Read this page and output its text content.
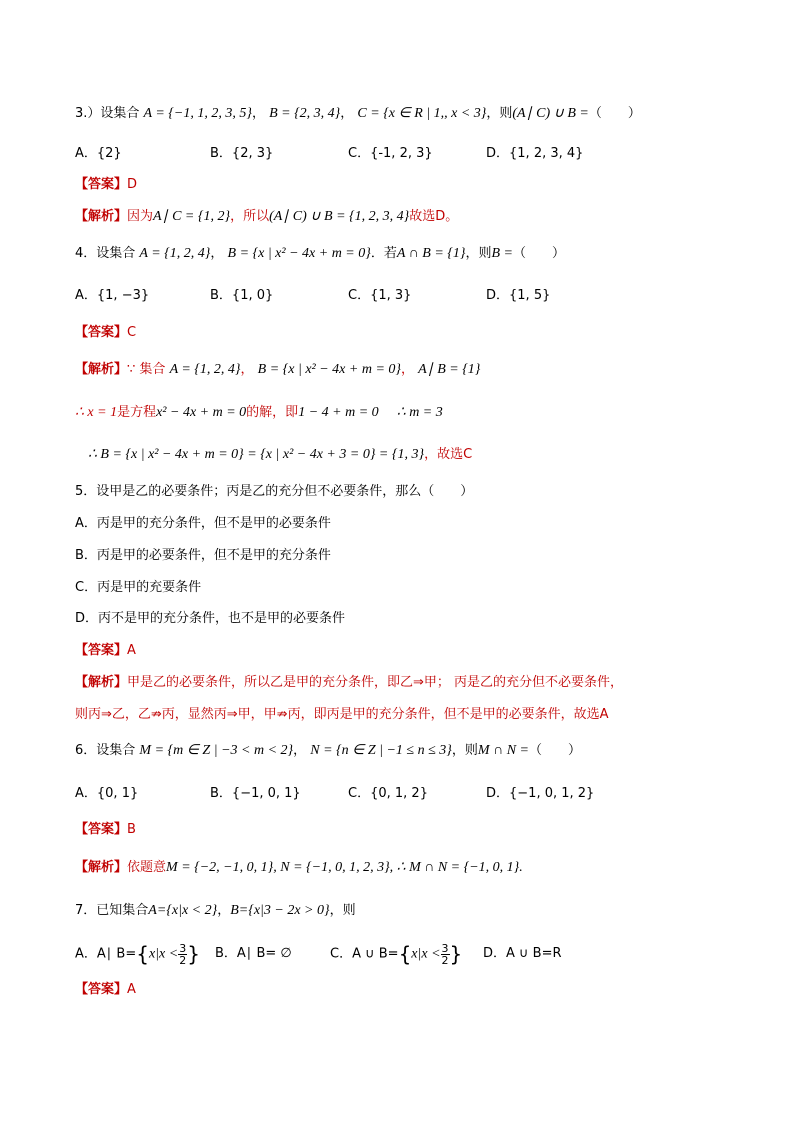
3.）设集合 A = {−1, 1, 2, 3, 5}， B = {2, 3, 4}， C = {x ∈ R | 1,, x < 3}，则(A∣ C) ∪ B =（　　）
A．{2}	B．{2, 3}	C．{-1, 2, 3}	D．{1, 2, 3, 4}
【答案】D
【解析】因为A∣ C = {1, 2}，所以(A∣ C) ∪ B = {1, 2, 3, 4}故选D。
4．设集合 A = {1, 2, 4}， B = {x | x² − 4x + m = 0}．若A ∩ B = {1}，则B =（　　）
A．{1, −3}	B．{1, 0}	C．{1, 3}	D．{1, 5}
【答案】C
【解析】∵ 集合 A = {1, 2, 4}， B = {x | x² − 4x + m = 0}， A∣ B = {1}
∴ x = 1是方程x² − 4x + m = 0的解，即1 − 4 + m = 0 ∴ m = 3
∴ B = {x | x² − 4x + m = 0} = {x | x² − 4x + 3 = 0} = {1, 3}，故选C
5．设甲是乙的必要条件；丙是乙的充分但不必要条件，那么（　　）
A．丙是甲的充分条件，但不是甲的必要条件
B．丙是甲的必要条件，但不是甲的充分条件
C．丙是甲的充要条件
D．丙不是甲的充分条件，也不是甲的必要条件
【答案】A
【解析】甲是乙的必要条件，所以乙是甲的充分条件，即乙⇒甲； 丙是乙的充分但不必要条件，
则丙⇒乙，乙⇏丙，显然丙⇒甲，甲⇏丙，即丙是甲的充分条件，但不是甲的必要条件，故选A
6．设集合 M = {m ∈ Z | −3 < m < 2}， N = {n ∈ Z | −1 ≤ n ≤ 3}，则M ∩ N =（　　）
A．{0, 1}	B．{−1, 0, 1}	C．{0, 1, 2}	D．{−1, 0, 1, 2}
【答案】B
【解析】依题意M = {−2, −1, 0, 1}, N = {−1, 0, 1, 2, 3}, ∴ M ∩ N = {−1, 0, 1}.
7．已知集合A={x|x < 2}，B={x|3 − 2x > 0}，则
A．A∣ $B=\{x|x < \frac{3}{2}$ } B．A∣ B= ∅	C．A ∪ $B=\{x|x < \frac{3}{2}$ } D．A ∪ B=R
【答案】A
